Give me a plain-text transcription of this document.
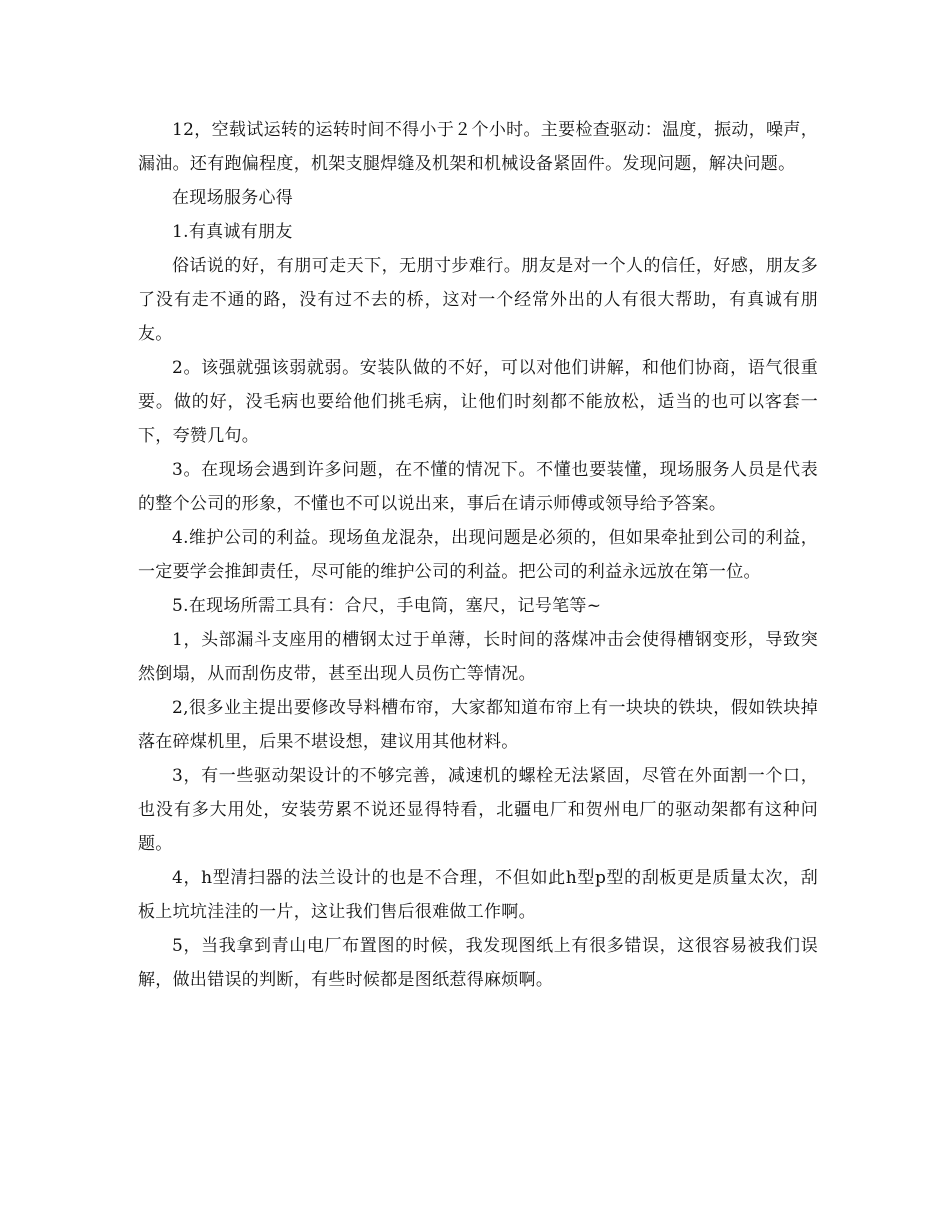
12，空载试运转的运转时间不得小于２个小时。主要检查驱动：温度，振动，噪声，漏油。还有跑偏程度，机架支腿焊缝及机架和机械设备紧固件。发现问题，解决问题。

在现场服务心得

1.有真诚有朋友

俗话说的好，有朋可走天下，无朋寸步难行。朋友是对一个人的信任，好感，朋友多了没有走不通的路，没有过不去的桥，这对一个经常外出的人有很大帮助，有真诚有朋友。

2。该强就强该弱就弱。安装队做的不好，可以对他们讲解，和他们协商，语气很重要。做的好，没毛病也要给他们挑毛病，让他们时刻都不能放松，适当的也可以客套一下，夸赞几句。

3。在现场会遇到许多问题，在不懂的情况下。不懂也要装懂，现场服务人员是代表的整个公司的形象，不懂也不可以说出来，事后在请示师傅或领导给予答案。

4.维护公司的利益。现场鱼龙混杂，出现问题是必须的，但如果牵扯到公司的利益，一定要学会推卸责任，尽可能的维护公司的利益。把公司的利益永远放在第一位。

5.在现场所需工具有：合尺，手电筒，塞尺，记号笔等~

1，头部漏斗支座用的槽钢太过于单薄，长时间的落煤冲击会使得槽钢变形，导致突然倒塌，从而刮伤皮带，甚至出现人员伤亡等情况。

2,很多业主提出要修改导料槽布帘，大家都知道布帘上有一块块的铁块，假如铁块掉落在碎煤机里，后果不堪设想，建议用其他材料。

3，有一些驱动架设计的不够完善，减速机的螺栓无法紧固，尽管在外面割一个口，也没有多大用处，安装劳累不说还显得特看，北疆电厂和贺州电厂的驱动架都有这种问题。

4，h型清扫器的法兰设计的也是不合理，不但如此h型p型的刮板更是质量太次，刮板上坑坑洼洼的一片，这让我们售后很难做工作啊。

5，当我拿到青山电厂布置图的时候，我发现图纸上有很多错误，这很容易被我们误解，做出错误的判断，有些时候都是图纸惹得麻烦啊。
